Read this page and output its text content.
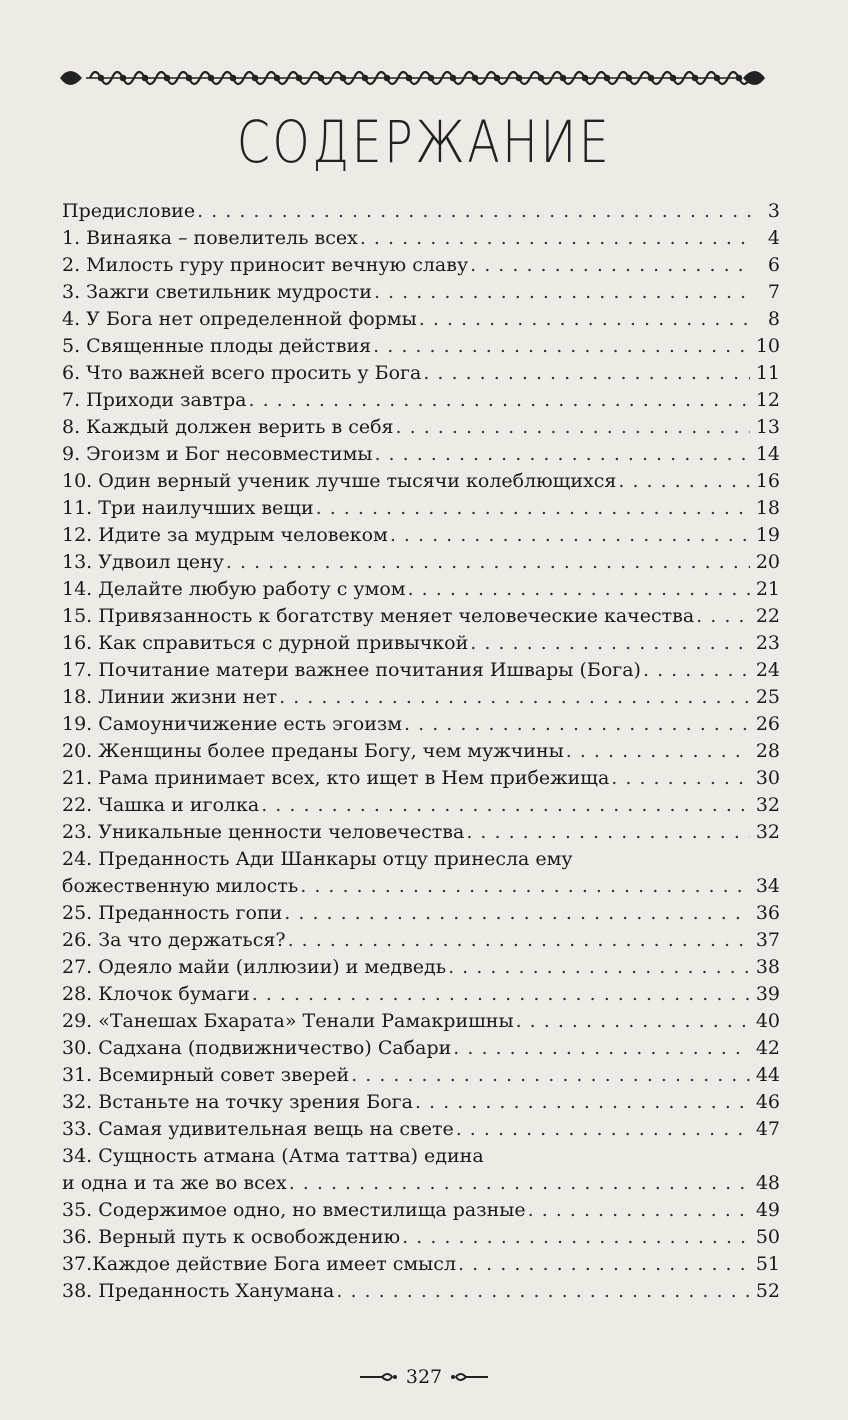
СОДЕРЖАНИЕ
Предисловие . . .	3
1. Винаяка – повелитель всех . . .	4
2. Милость гуру приносит вечную славу . . .	6
3. Зажги светильник мудрости . . .	7
4. У Бога нет определенной формы . . .	8
5. Священные плоды действия . . .	10
6. Что важней всего просить у Бога . . .	11
7. Приходи завтра . . .	12
8. Каждый должен верить в себя . . .	13
9. Эгоизм и Бог несовместимы . . .	14
10. Один верный ученик лучше тысячи колеблющихся . . .	16
11. Три наилучших вещи . . .	18
12. Идите за мудрым человеком . . .	19
13. Удвоил цену . . .	20
14. Делайте любую работу с умом . . .	21
15. Привязанность к богатству меняет человеческие качества . . .	22
16. Как справиться с дурной привычкой . . .	23
17. Почитание матери важнее почитания Ишвары (Бога) . . .	24
18. Линии жизни нет . . .	25
19. Самоуничижение есть эгоизм . . .	26
20. Женщины более преданы Богу, чем мужчины . . .	28
21. Рама принимает всех, кто ищет в Нем прибежища . . .	30
22. Чашка и иголка . . .	32
23. Уникальные ценности человечества . . .	32
24. Преданность Ади Шанкары отцу принесла ему
божественную милость . . .	34
25. Преданность гопи . . .	36
26. За что держаться? . . .	37
27. Одеяло майи (иллюзии) и медведь . . .	38
28. Клочок бумаги . . .	39
29. «Танешах Бхарата» Тенали Рамакришны . . .	40
30. Садхана (подвижничество) Сабари . . .	42
31. Всемирный совет зверей . . .	44
32. Встаньте на точку зрения Бога . . .	46
33. Самая удивительная вещь на свете . . .	47
34. Сущность атмана (Атма таттва) едина
и одна и та же во всех . . .	48
35. Содержимое одно, но вместилища разные . . .	49
36. Верный путь к освобождению . . .	50
37.Каждое действие Бога имеет смысл . . .	51
38. Преданность Ханумана . . .	52
327
